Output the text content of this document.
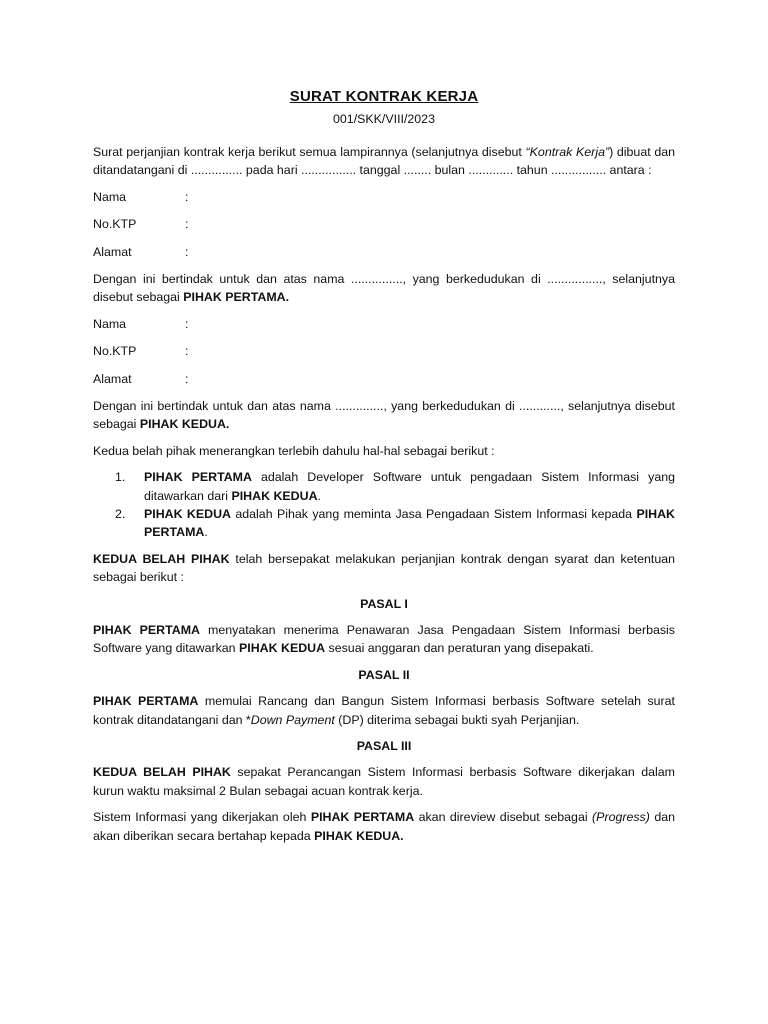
SURAT KONTRAK KERJA
001/SKK/VIII/2023

Surat perjanjian kontrak kerja berikut semua lampirannya (selanjutnya disebut “Kontrak Kerja”) dibuat dan ditandatangani di ............... pada hari ................ tanggal ........ bulan ............. tahun ................ antara :

Nama	:
No.KTP	:
Alamat	:

Dengan ini bertindak untuk dan atas nama ..............., yang berkedudukan di ................, selanjutnya disebut sebagai PIHAK PERTAMA.

Nama	:
No.KTP	:
Alamat	:

Dengan ini bertindak untuk dan atas nama .............., yang berkedudukan di ............, selanjutnya disebut sebagai PIHAK KEDUA.

Kedua belah pihak menerangkan terlebih dahulu hal-hal sebagai berikut :

1.	PIHAK PERTAMA adalah Developer Software untuk pengadaan Sistem Informasi yang ditawarkan dari PIHAK KEDUA.
2.	PIHAK KEDUA adalah Pihak yang meminta Jasa Pengadaan Sistem Informasi kepada PIHAK PERTAMA.

KEDUA BELAH PIHAK telah bersepakat melakukan perjanjian kontrak dengan syarat dan ketentuan sebagai berikut :

PASAL I

PIHAK PERTAMA menyatakan menerima Penawaran Jasa Pengadaan Sistem Informasi berbasis Software yang ditawarkan PIHAK KEDUA sesuai anggaran dan peraturan yang disepakati.

PASAL II

PIHAK PERTAMA memulai Rancang dan Bangun Sistem Informasi berbasis Software setelah surat kontrak ditandatangani dan *Down Payment (DP) diterima sebagai bukti syah Perjanjian.

PASAL III

KEDUA BELAH PIHAK sepakat Perancangan Sistem Informasi berbasis Software dikerjakan dalam kurun waktu maksimal 2 Bulan sebagai acuan kontrak kerja.

Sistem Informasi yang dikerjakan oleh PIHAK PERTAMA akan direview disebut sebagai (Progress) dan akan diberikan secara bertahap kepada PIHAK KEDUA.
